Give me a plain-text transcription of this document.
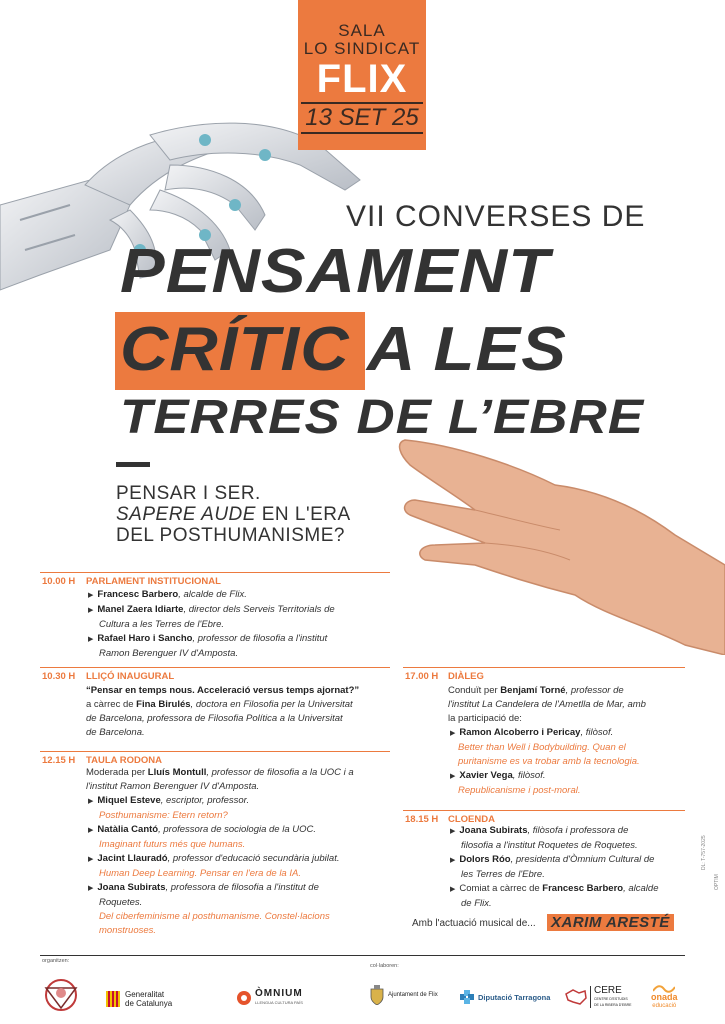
SALA
LO SINDICAT
FLIX
13 SET 25
VII CONVERSES DE
PENSAMENT
CRÍTIC A LES
TERRES DE L’EBRE
PENSAR I SER.
SAPERE AUDE EN L'ERA
DEL POSTHUMANISME?
10.00 H PARLAMENT INSTITUCIONAL
▶ Francesc Barbero, alcalde de Flix.
▶ Manel Zaera Idiarte, director dels Serveis Territorials de
Cultura a les Terres de l'Ebre.
▶ Rafael Haro i Sancho, professor de filosofia a l'institut
Ramon Berenguer IV d'Amposta.
10.30 H LLIÇÓ INAUGURAL
“Pensar en temps nous. Acceleració versus temps ajornat?”
a càrrec de Fina Birulés, doctora en Filosofia per la Universitat
de Barcelona, professora de Filosofia Política a la Universitat
de Barcelona.
12.15 H TAULA RODONA
Moderada per Lluís Montull, professor de filosofia a la UOC i a
l'institut Ramon Berenguer IV d'Amposta.
▶ Miquel Esteve, escriptor, professor.
Posthumanisme: Etern retorn?
▶ Natàlia Cantó, professora de sociologia de la UOC.
Imaginant futurs més que humans.
▶ Jacint Llauradó, professor d'educació secundària jubilat.
Human Deep Learning. Pensar en l'era de la IA.
▶ Joana Subirats, professora de filosofia a l'institut de
Roquetes.
Del ciberfeminisme al posthumanisme. Constel·lacions
monstruoses.
17.00 H DIÀLEG
Conduït per Benjamí Torné, professor de
l'institut La Candelera de l'Ametlla de Mar, amb
la participació de:
▶ Ramon Alcoberro i Pericay, filòsof.
Better than Well i Bodybuilding. Quan el
puritanisme es va trobar amb la tecnologia.
▶ Xavier Vega, filòsof.
Republicanisme i post-moral.
18.15 H CLOENDA
▶ Joana Subirats, filòsofa i professora de
filosofia a l'institut Roquetes de Roquetes.
▶ Dolors Róo, presidenta d'Òmnium Cultural de
les Terres de l'Ebre.
▶ Comiat a càrrec de Francesc Barbero, alcalde
de Flix.
Amb l'actuació musical de... XARIM ARESTÉ
DL: T-757-2025
OPTIM
organitzen:
col·laboren:
Generalitat
de Catalunya
ÒMNIUM
LLENGUA CULTURA PAÍS
Ajuntament de Flix	Diputació Tarragona
CERE
CENTRE D'ESTUDIS
DE LA RIBERA D'EBRE
onada
educació
